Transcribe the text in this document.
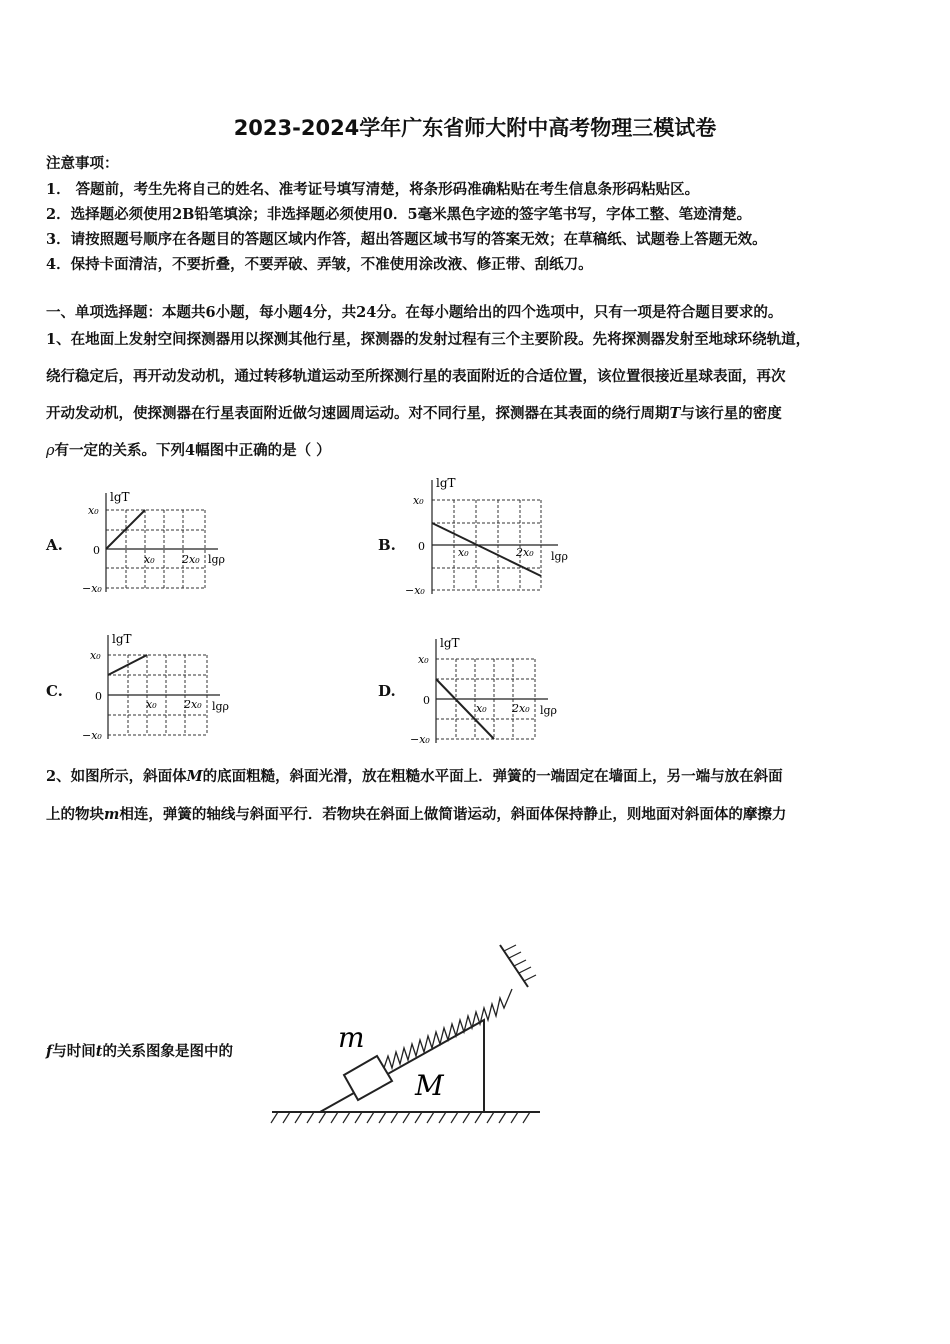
2023-2024学年广东省师大附中高考物理三模试卷
注意事项：
1． 答题前，考生先将自己的姓名、准考证号填写清楚，将条形码准确粘贴在考生信息条形码粘贴区。
2．选择题必须使用2B铅笔填涂；非选择题必须使用0．5毫米黑色字迹的签字笔书写，字体工整、笔迹清楚。
3．请按照题号顺序在各题目的答题区域内作答，超出答题区域书写的答案无效；在草稿纸、试题卷上答题无效。
4．保持卡面清洁，不要折叠，不要弄破、弄皱，不准使用涂改液、修正带、刮纸刀。
一、单项选择题：本题共6小题，每小题4分，共24分。在每小题给出的四个选项中，只有一项是符合题目要求的。
1、在地面上发射空间探测器用以探测其他行星，探测器的发射过程有三个主要阶段。先将探测器发射至地球环绕轨道，
绕行稳定后，再开动发动机，通过转移轨道运动至所探测行星的表面附近的合适位置，该位置很接近星球表面，再次
开动发动机，使探测器在行星表面附近做匀速圆周运动。对不同行星，探测器在其表面的绕行周期T与该行星的密度
ρ有一定的关系。下列4幅图中正确的是（ ）
A.	B.
C.	D.
lgT
x₀
0
−x₀
x₀ 2x₀ lgρ
lgT
x₀
0
−x₀
x₀	2x₀ lgρ
lgT
x₀
0
−x₀
x₀ 2x₀ lgρ
lgT
x₀
0
−x₀
x₀ 2x₀ lgρ
2、如图所示，斜面体M的底面粗糙，斜面光滑，放在粗糙水平面上．弹簧的一端固定在墙面上，另一端与放在斜面
上的物块m相连，弹簧的轴线与斜面平行．若物块在斜面上做简谐运动，斜面体保持静止，则地面对斜面体的摩擦力
f与时间t的关系图象是图中的	m
M
